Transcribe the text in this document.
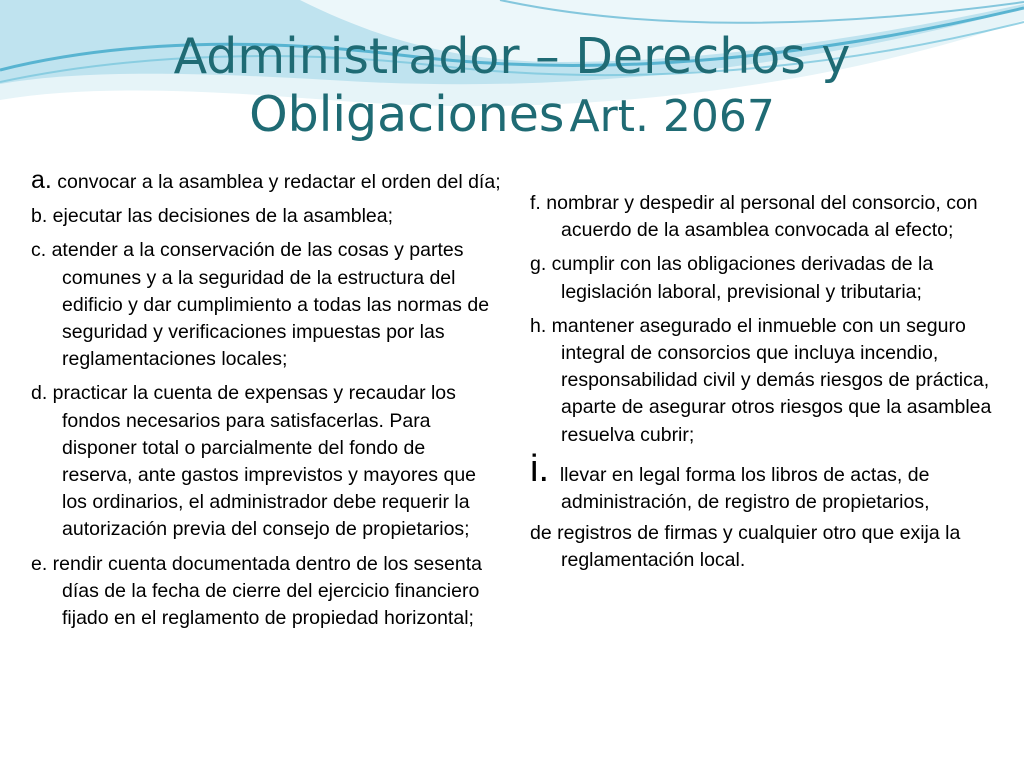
Administrador – Derechos y
Obligaciones Art. 2067
a. convocar a la asamblea y redactar el orden del día;
b. ejecutar las decisiones de la asamblea;
c. atender a la conservación de las cosas y partes comunes y a la seguridad de la estructura del edificio y dar cumplimiento a todas las normas de seguridad y verificaciones impuestas por las reglamentaciones locales;
d. practicar la cuenta de expensas y recaudar los fondos necesarios para satisfacerlas. Para disponer total o parcialmente del fondo de reserva, ante gastos imprevistos y mayores que los ordinarios, el administrador debe requerir la autorización previa del consejo de propietarios;
e. rendir cuenta documentada dentro de los sesenta días de la fecha de cierre del ejercicio financiero fijado en el reglamento de propiedad horizontal;
f. nombrar y despedir al personal del consorcio, con acuerdo de la asamblea convocada al efecto;
g. cumplir con las obligaciones derivadas de la legislación laboral, previsional y tributaria;
h. mantener asegurado el inmueble con un seguro integral de consorcios que incluya incendio, responsabilidad civil y demás riesgos de práctica, aparte de asegurar otros riesgos que la asamblea resuelva cubrir;
i.  llevar en legal forma los libros de actas, de administración, de registro de propietarios,
de registros de firmas y cualquier otro que exija la reglamentación local.
